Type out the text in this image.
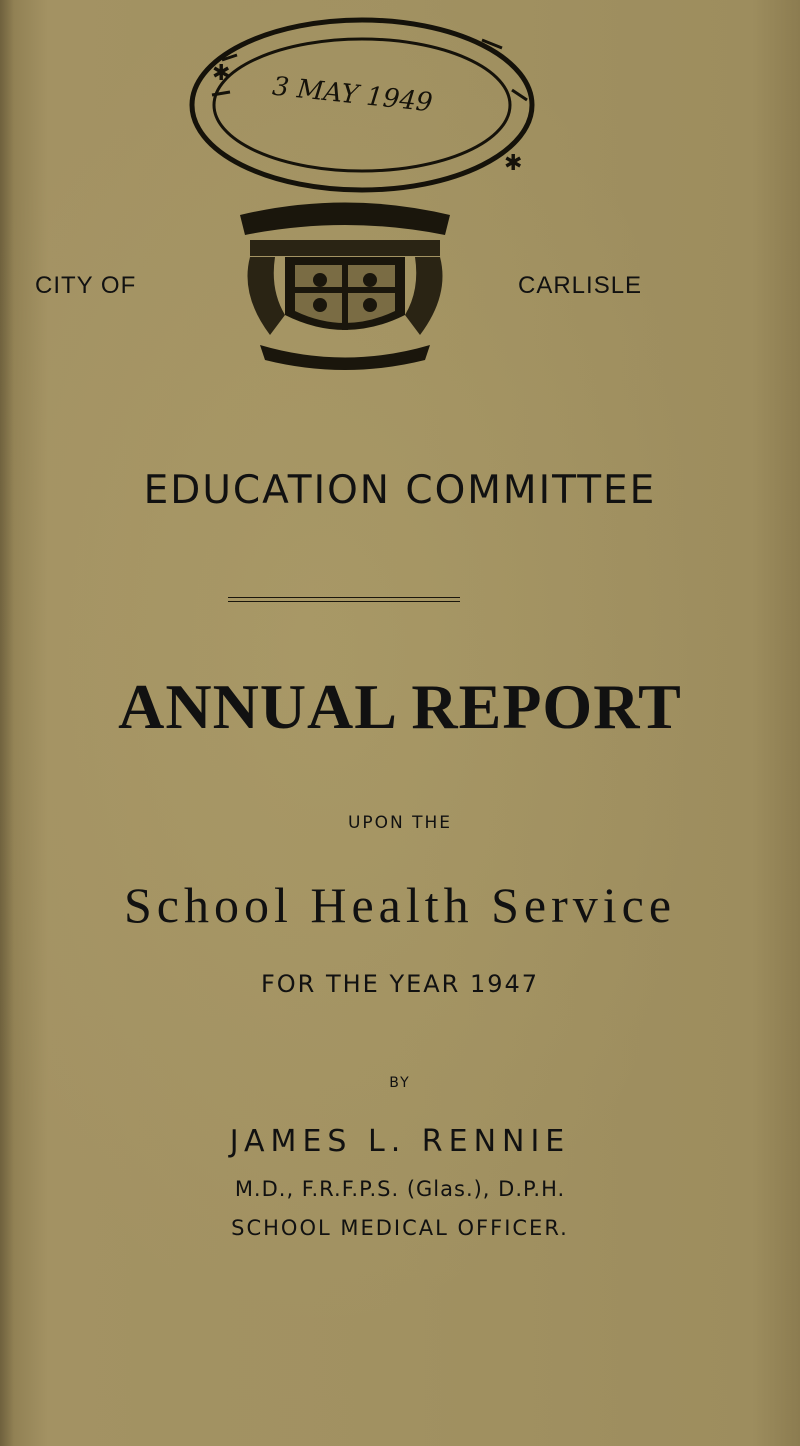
✱
✱
3 MAY 1949
CITY OF	CARLISLE
EDUCATION COMMITTEE
ANNUAL REPORT
UPON THE
School Health Service
FOR THE YEAR 1947
BY
JAMES L. RENNIE
M.D., F.R.F.P.S. (Glas.), D.P.H.
SCHOOL MEDICAL OFFICER.
